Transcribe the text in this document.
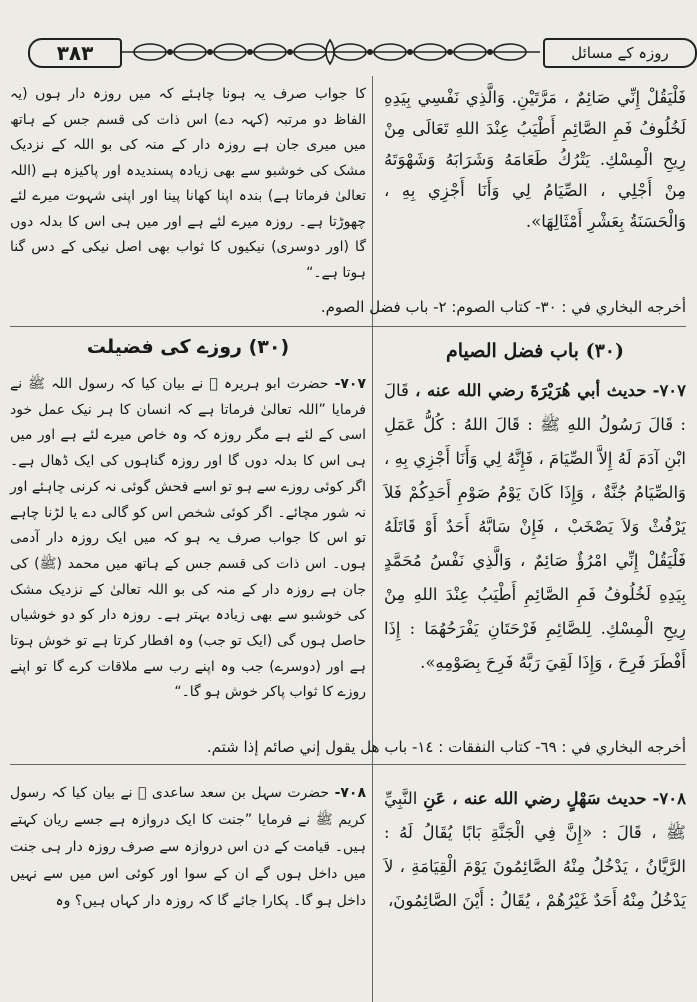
۳۸۳	روزہ کے مسائل

فَلْيَقُلْ إِنِّي صَائِمٌ ، مَرَّتَيْنِ. وَالَّذِي نَفْسِي بِيَدِهِ لَخُلُوفُ فَمِ الصَّائِمِ أَطْيَبُ عِنْدَ اللهِ تَعَالَى مِنْ رِيحِ الْمِسْكِ. يَتْرُكُ طَعَامَهُ وَشَرَابَهُ وَشَهْوَتَهُ مِنْ أَجْلِي ، الصِّيَامُ لِي وَأَنَا أَجْزِي بِهِ ، وَالْحَسَنَةُ بِعَشْرِ أَمْثَالِهَا».

کا جواب صرف یہ ہونا چاہئے کہ میں روزہ دار ہوں (یہ الفاظ دو مرتبہ (کہہ دے) اس ذات کی قسم جس کے ہاتھ میں میری جان ہے روزہ دار کے منہ کی بو اللہ کے نزدیک مشک کی خوشبو سے بھی زیادہ پسندیدہ اور پاکیزہ ہے (اللہ تعالیٰ فرماتا ہے) بندہ اپنا کھانا پینا اور اپنی شہوت میرے لئے چھوڑتا ہے۔ روزہ میرے لئے ہے اور میں ہی اس کا بدلہ دوں گا (اور دوسری) نیکیوں کا ثواب بھی اصل نیکی کے دس گنا ہوتا ہے۔“

أخرجه البخاري في : ٣٠- كتاب الصوم: ٢- باب فضل الصوم.
(٣٠) باب فضل الصيام
(۳۰) روزے کی فضیلت

٧٠٧- حديث أبي هُرَيْرَةَ رضي الله عنه ، قَالَ : قَالَ رَسُولُ اللهِ ﷺ : قَالَ اللهُ : كُلُّ عَمَلِ ابْنِ آدَمَ لَهُ إِلاَّ الصِّيَامَ ، فَإِنَّهُ لِي وَأَنَا أَجْزِي بِهِ ، وَالصِّيَامُ جُنَّةٌ ، وَإِذَا كَانَ يَوْمُ صَوْمِ أَحَدِكُمْ فَلاَ يَرْفُثْ وَلاَ يَصْخَبْ ، فَإِنْ سَابَّهُ أَحَدٌ أَوْ قَاتَلَهُ فَلْيَقُلْ إِنِّي امْرُؤٌ صَائِمٌ ، وَالَّذِي نَفْسُ مُحَمَّدٍ بِيَدِهِ لَخُلُوفُ فَمِ الصَّائِمِ أَطْيَبُ عِنْدَ اللهِ مِنْ رِيحِ الْمِسْكِ. لِلصَّائِمِ فَرْحَتَانِ يَفْرَحُهُمَا : إِذَا أَفْطَرَ فَرِحَ ، وَإِذَا لَقِيَ رَبَّهُ فَرِحَ بِصَوْمِهِ».

۷۰۷- حضرت ابو ہریرہ ﷛ نے بیان کیا کہ رسول اللہ ﷺ نے فرمایا ”اللہ تعالیٰ فرماتا ہے کہ انسان کا ہر نیک عمل خود اسی کے لئے ہے مگر روزہ کہ وہ خاص میرے لئے ہے اور میں ہی اس کا بدلہ دوں گا اور روزہ گناہوں کی ایک ڈھال ہے۔ اگر کوئی روزے سے ہو تو اسے فحش گوئی نہ کرنی چاہئے اور نہ شور مچائے۔ اگر کوئی شخص اس کو گالی دے یا لڑنا چاہے تو اس کا جواب صرف یہ ہو کہ میں ایک روزہ دار آدمی ہوں۔ اس ذات کی قسم جس کے ہاتھ میں محمد (ﷺ) کی جان ہے روزہ دار کے منہ کی بو اللہ تعالیٰ کے نزدیک مشک کی خوشبو سے بھی زیادہ بہتر ہے۔ روزہ دار کو دو خوشیاں حاصل ہوں گی (ایک تو جب) وہ افطار کرتا ہے تو خوش ہوتا ہے اور (دوسرے) جب وہ اپنے رب سے ملاقات کرے گا تو اپنے روزے کا ثواب پاکر خوش ہو گا۔“

أخرجه البخاري في : ٦٩- كتاب النفقات : ١٤- باب هل يقول إني صائم إذا شتم.

٧٠٨- حديث سَهْلٍ رضي الله عنه ، عَنِ النَّبِيِّ ﷺ ، قَالَ : «إِنَّ فِي الْجَنَّةِ بَابًا يُقَالُ لَهُ : الرَّيَّانُ ، يَدْخُلُ مِنْهُ الصَّائِمُونَ يَوْمَ الْقِيَامَةِ ، لاَ يَدْخُلُ مِنْهُ أَحَدٌ غَيْرُهُمْ ، يُقَالُ : أَيْنَ الصَّائِمُونَ،

۷۰۸- حضرت سہل بن سعد ساعدی ﷛ نے بیان کیا کہ رسول کریم ﷺ نے فرمایا ”جنت کا ایک دروازہ ہے جسے ریان کہتے ہیں۔ قیامت کے دن اس دروازہ سے صرف روزہ دار ہی جنت میں داخل ہوں گے ان کے سوا اور کوئی اس میں سے نہیں داخل ہو گا۔ پکارا جائے گا کہ روزہ دار کہاں ہیں؟ وہ
